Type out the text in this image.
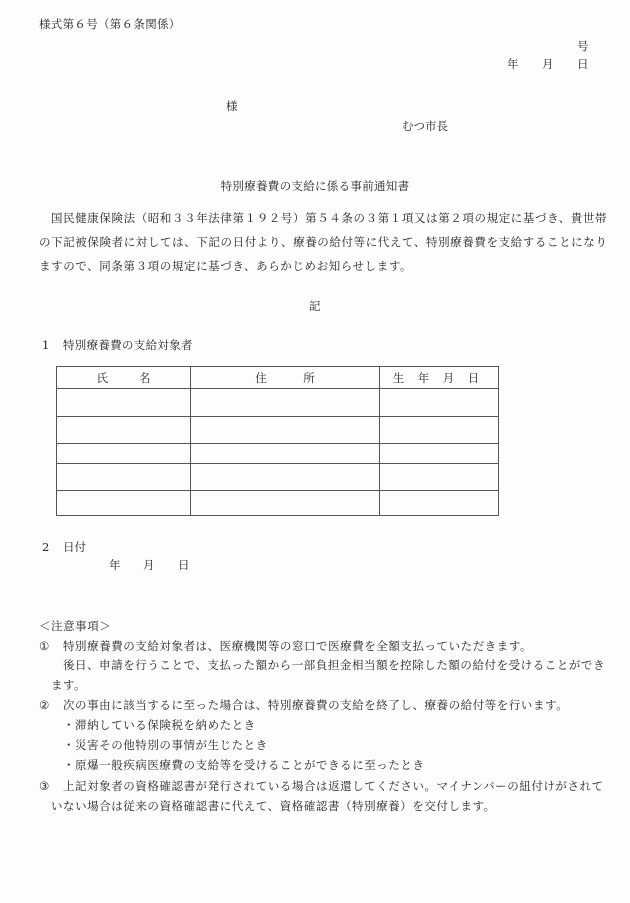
様式第６号（第６条関係）
号
年 月 日
様
むつ市長
特別療養費の支給に係る事前通知書
国民健康保険法（昭和３３年法律第１９２号）第５４条の３第１項又は第２項の規定に基づき、貴世帯
の下記被保険者に対しては、下記の日付より、療養の給付等に代えて、特別療養費を支給することになり
ますので、同条第３項の規定に基づき、あらかじめお知らせします。
記
1 特別療養費の支給対象者
氏 名	住 所	生 年 月 日

2 日付
年 月 日
＜注意事項＞
① 特別療養費の支給対象者は、医療機関等の窓口で医療費を全額支払っていただきます。
後日、申請を行うことで、支払った額から一部負担金相当額を控除した額の給付を受けることができ
ます。
② 次の事由に該当するに至った場合は、特別療養費の支給を終了し、療養の給付等を行います。
・滞納している保険税を納めたとき
・災害その他特別の事情が生じたとき
・原爆一般疾病医療費の支給等を受けることができるに至ったとき
③ 上記対象者の資格確認書が発行されている場合は返還してください。マイナンバーの紐付けがされて
いない場合は従来の資格確認書に代えて、資格確認書（特別療養）を交付します。
